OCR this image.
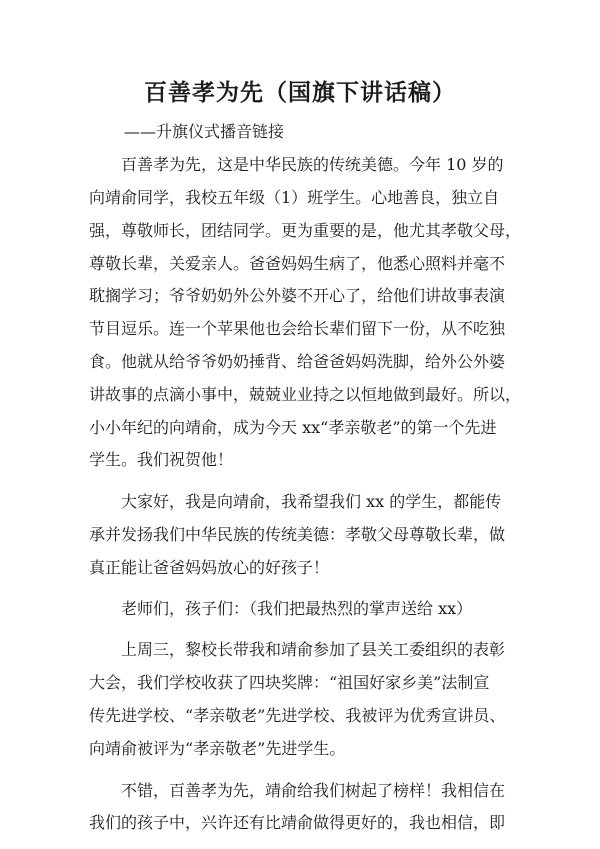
百善孝为先（国旗下讲话稿）
——升旗仪式播音链接
　　百善孝为先，这是中华民族的传统美德。今年 10 岁的
向靖俞同学，我校五年级（1）班学生。心地善良，独立自
强，尊敬师长，团结同学。更为重要的是，他尤其孝敬父母，
尊敬长辈，关爱亲人。爸爸妈妈生病了，他悉心照料并毫不
耽搁学习；爷爷奶奶外公外婆不开心了，给他们讲故事表演
节目逗乐。连一个苹果他也会给长辈们留下一份，从不吃独
食。他就从给爷爷奶奶捶背、给爸爸妈妈洗脚，给外公外婆
讲故事的点滴小事中，兢兢业业持之以恒地做到最好。所以，
小小年纪的向靖俞，成为今天 xx“孝亲敬老”的第一个先进
学生。我们祝贺他！
　　大家好，我是向靖俞，我希望我们 xx 的学生，都能传
承并发扬我们中华民族的传统美德：孝敬父母尊敬长辈，做
真正能让爸爸妈妈放心的好孩子！
　　老师们，孩子们：（我们把最热烈的掌声送给 xx）
　　上周三，黎校长带我和靖俞参加了县关工委组织的表彰
大会，我们学校收获了四块奖牌：“祖国好家乡美”法制宣
传先进学校、“孝亲敬老”先进学校、我被评为优秀宣讲员、
向靖俞被评为“孝亲敬老”先进学生。
　　不错，百善孝为先，靖俞给我们树起了榜样！我相信在
我们的孩子中，兴许还有比靖俞做得更好的，我也相信，即
